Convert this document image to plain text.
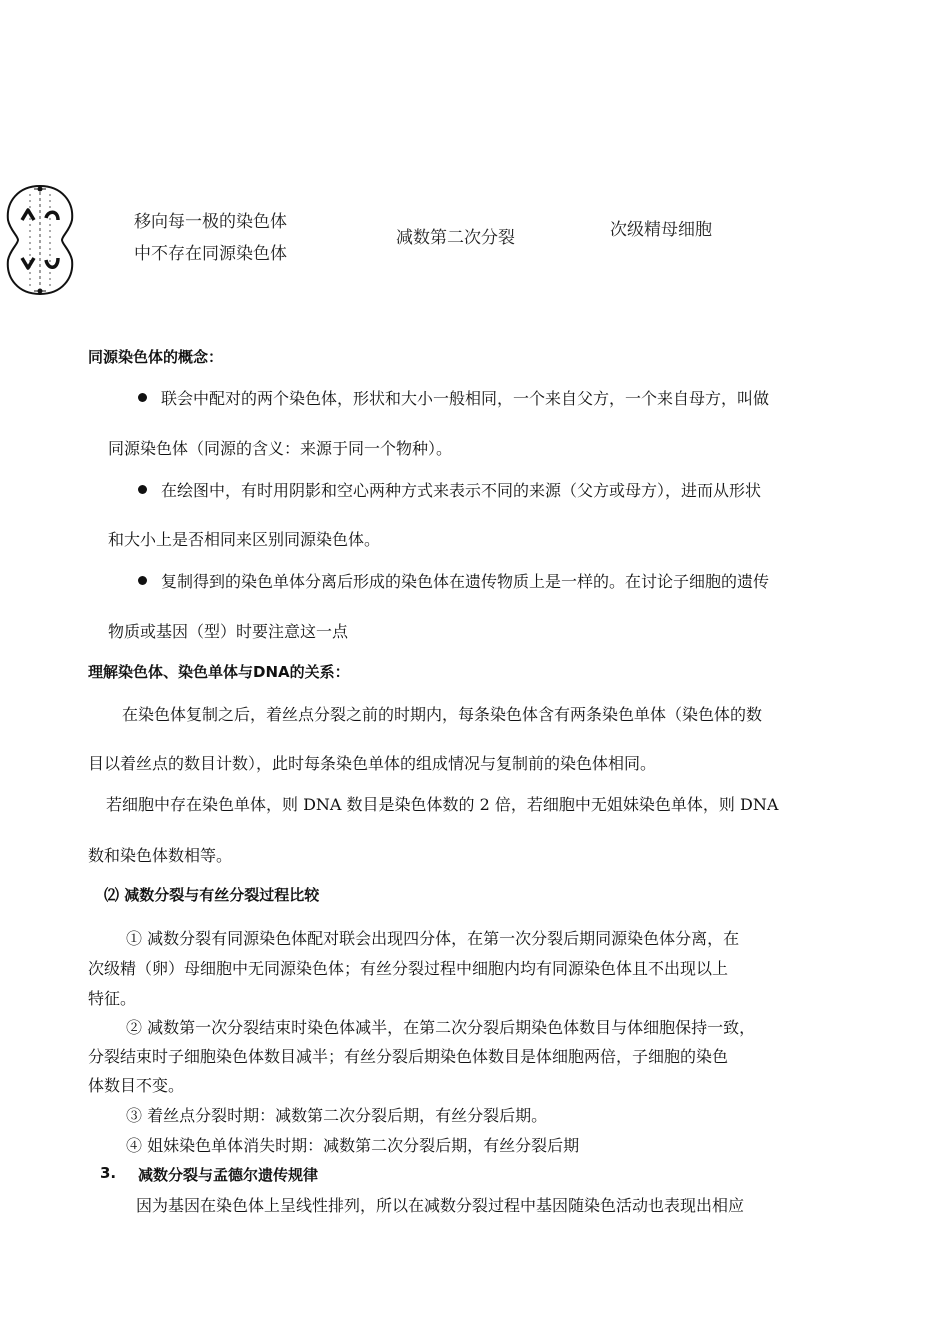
移向每一极的染色体
中不存在同源染色体
减数第二次分裂	次级精母细胞
同源染色体的概念：
联会中配对的两个染色体，形状和大小一般相同，一个来自父方，一个来自母方，叫做
同源染色体（同源的含义：来源于同一个物种）。
在绘图中，有时用阴影和空心两种方式来表示不同的来源（父方或母方），进而从形状
和大小上是否相同来区别同源染色体。
复制得到的染色单体分离后形成的染色体在遗传物质上是一样的。在讨论子细胞的遗传
物质或基因（型）时要注意这一点
理解染色体、染色单体与DNA的关系：
在染色体复制之后，着丝点分裂之前的时期内，每条染色体含有两条染色单体（染色体的数
目以着丝点的数目计数），此时每条染色单体的组成情况与复制前的染色体相同。
若细胞中存在染色单体，则 DNA 数目是染色体数的 2 倍，若细胞中无姐妹染色单体，则 DNA
数和染色体数相等。
⑵ 减数分裂与有丝分裂过程比较
① 减数分裂有同源染色体配对联会出现四分体，在第一次分裂后期同源染色体分离，在
次级精（卵）母细胞中无同源染色体；有丝分裂过程中细胞内均有同源染色体且不出现以上
特征。
② 减数第一次分裂结束时染色体减半，在第二次分裂后期染色体数目与体细胞保持一致，
分裂结束时子细胞染色体数目减半；有丝分裂后期染色体数目是体细胞两倍，子细胞的染色
体数目不变。
③ 着丝点分裂时期：减数第二次分裂后期，有丝分裂后期。
④ 姐妹染色单体消失时期：减数第二次分裂后期，有丝分裂后期
3. 减数分裂与孟德尔遗传规律
因为基因在染色体上呈线性排列，所以在减数分裂过程中基因随染色活动也表现出相应
